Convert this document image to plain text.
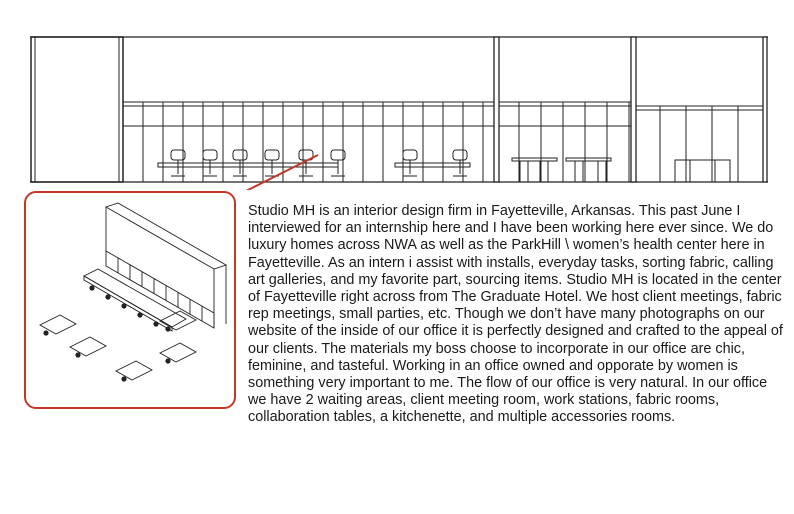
Studio MH is an interior design firm in Fayetteville, Arkansas. This past June I interviewed for an internship here and I have been working here ever since. We do luxury homes across NWA as well as the ParkHill \ women’s health center here in Fayetteville. As an intern i assist with installs, everyday tasks, sorting fabric, calling art galleries, and my favorite part, sourcing items. Studio MH is located in the center of Fayetteville right across from The Graduate Hotel. We host client meetings, fabric rep meetings, small parties, etc. Though we don’t have many photographs on our website of the inside of our office it is perfectly designed and crafted to the appeal of our clients. The materials my boss choose to incorporate in our office are chic, feminine, and tasteful. Working in an office owned and opporate by women is something very important to me. The flow of our office is very natural. In our office we have 2 waiting areas, client meeting room, work stations, fabric rooms, collaboration tables, a kitchenette, and multiple accessories rooms.
